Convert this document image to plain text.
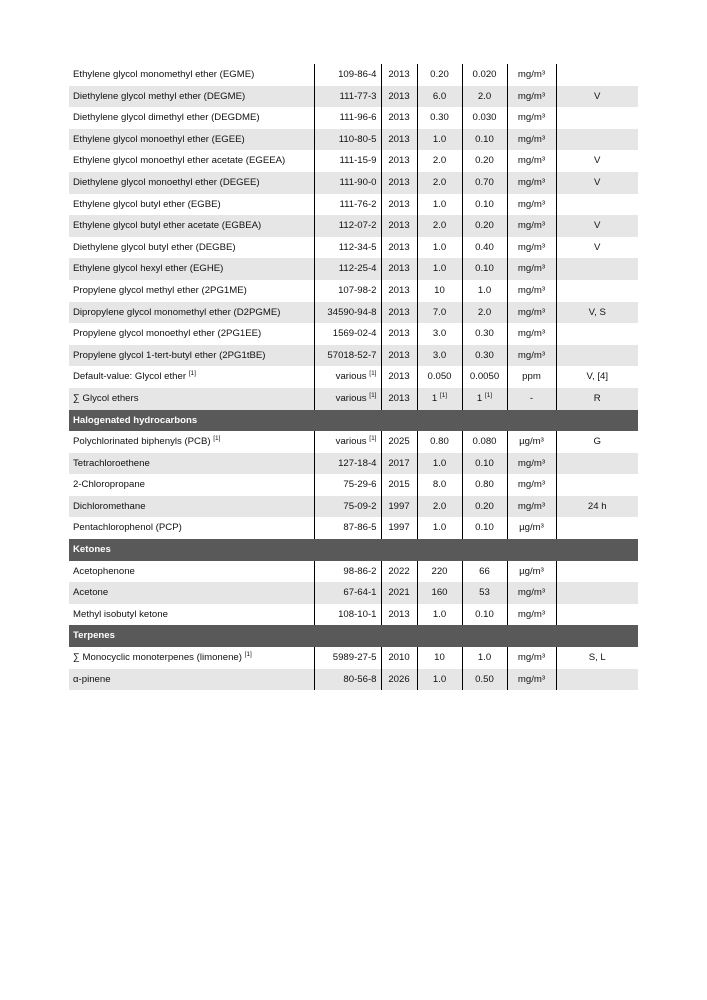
Ethylene glycol monomethyl ether (EGME)	109-86-4	2013	0.20	0.020	mg/m³	
Diethylene glycol methyl ether (DEGME)	111-77-3	2013	6.0	2.0	mg/m³	V
Diethylene glycol dimethyl ether (DEGDME)	111-96-6	2013	0.30	0.030	mg/m³	
Ethylene glycol monoethyl ether (EGEE)	110-80-5	2013	1.0	0.10	mg/m³	
Ethylene glycol monoethyl ether acetate (EGEEA)	111-15-9	2013	2.0	0.20	mg/m³	V
Diethylene glycol monoethyl ether (DEGEE)	111-90-0	2013	2.0	0.70	mg/m³	V
Ethylene glycol butyl ether (EGBE)	111-76-2	2013	1.0	0.10	mg/m³	
Ethylene glycol butyl ether acetate (EGBEA)	112-07-2	2013	2.0	0.20	mg/m³	V
Diethylene glycol butyl ether (DEGBE)	112-34-5	2013	1.0	0.40	mg/m³	V
Ethylene glycol hexyl ether (EGHE)	112-25-4	2013	1.0	0.10	mg/m³	
Propylene glycol methyl ether (2PG1ME)	107-98-2	2013	10	1.0	mg/m³	
Dipropylene glycol monomethyl ether (D2PGME)	34590-94-8	2013	7.0	2.0	mg/m³	V, S
Propylene glycol monoethyl ether (2PG1EE)	1569-02-4	2013	3.0	0.30	mg/m³	
Propylene glycol 1-tert-butyl ether (2PG1tBE)	57018-52-7	2013	3.0	0.30	mg/m³	
Default-value: Glycol ether [1]	various [1]	2013	0.050	0.0050	ppm	V, [4]
∑ Glycol ethers	various [1]	2013	1 [1]	1 [1]	-	R
Halogenated hydrocarbons						
Polychlorinated biphenyls (PCB) [1]	various [1]	2025	0.80	0.080	µg/m³	G
Tetrachloroethene	127-18-4	2017	1.0	0.10	mg/m³	
2-Chloropropane	75-29-6	2015	8.0	0.80	mg/m³	
Dichloromethane	75-09-2	1997	2.0	0.20	mg/m³	24 h
Pentachlorophenol (PCP)	87-86-5	1997	1.0	0.10	µg/m³	
Ketones						
Acetophenone	98-86-2	2022	220	66	µg/m³	
Acetone	67-64-1	2021	160	53	mg/m³	
Methyl isobutyl ketone	108-10-1	2013	1.0	0.10	mg/m³	
Terpenes						
∑ Monocyclic monoterpenes (limonene) [1]	5989-27-5	2010	10	1.0	mg/m³	S, L
α-pinene	80-56-8	2026	1.0	0.50	mg/m³	
